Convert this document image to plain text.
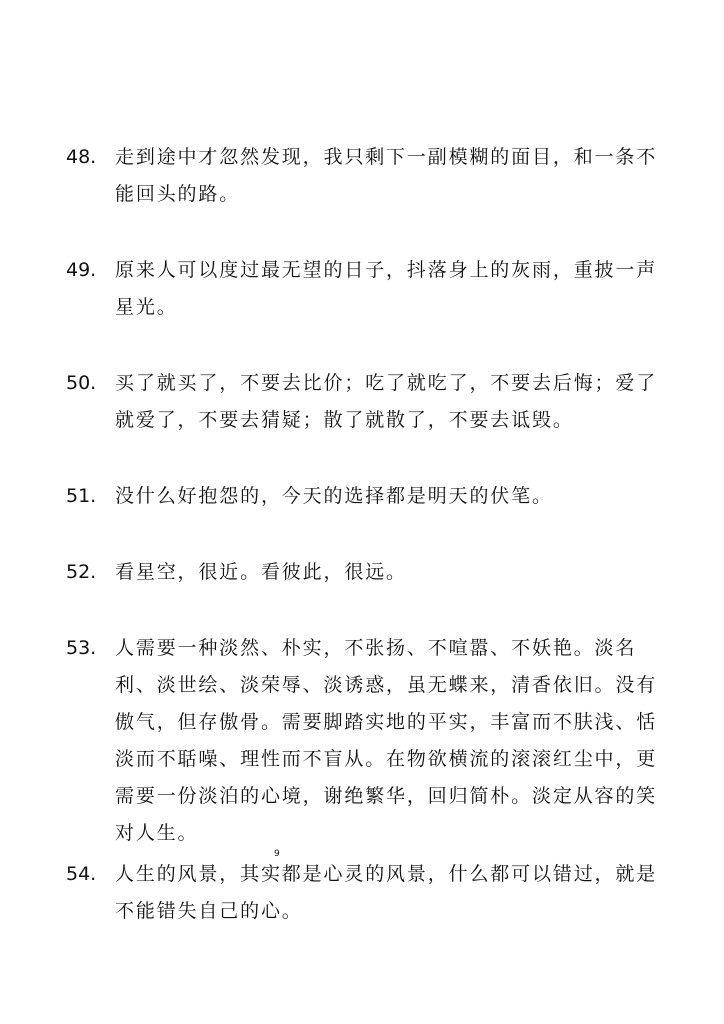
48. 走到途中才忽然发现，我只剩下一副模糊的面目，和一条不能回头的路。
49. 原来人可以度过最无望的日子，抖落身上的灰雨，重披一声星光。
50. 买了就买了，不要去比价；吃了就吃了，不要去后悔；爱了就爱了，不要去猜疑；散了就散了，不要去诋毁。
51. 没什么好抱怨的，今天的选择都是明天的伏笔。
52. 看星空，很近。看彼此，很远。
53. 人需要一种淡然、朴实，不张扬、不喧嚣、不妖艳。淡名利、淡世绘、淡荣辱、淡诱惑，虽无蝶来，清香依旧。没有傲气，但存傲骨。需要脚踏实地的平实，丰富而不肤浅、恬淡而不聒噪、理性而不盲从。在物欲横流的滚滚红尘中，更需要一份淡泊的心境，谢绝繁华，回归简朴。淡定从容的笑对人生。
54. 人生的风景，其实都是心灵的风景，什么都可以错过，就是不能错失自己的心。
9
